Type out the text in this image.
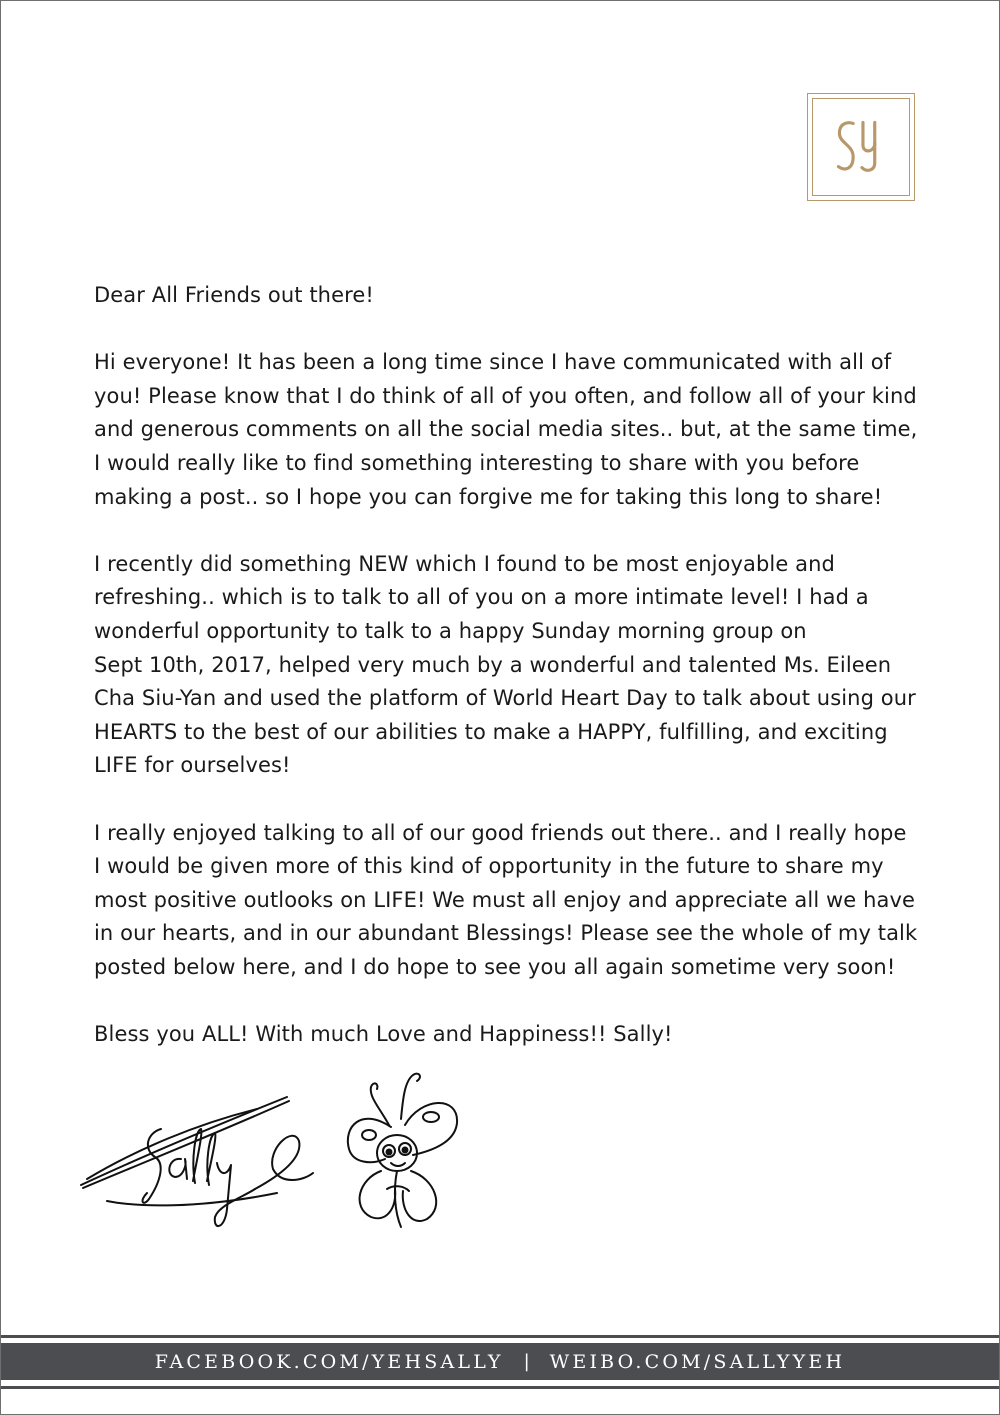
Dear All Friends out there!
Hi everyone! It has been a long time since I have communicated with all of
you! Please know that I do think of all of you often, and follow all of your kind
and generous comments on all the social media sites.. but, at the same time,
I would really like to find something interesting to share with you before
making a post.. so I hope you can forgive me for taking this long to share!
I recently did something NEW which I found to be most enjoyable and
refreshing.. which is to talk to all of you on a more intimate level! I had a
wonderful opportunity to talk to a happy Sunday morning group on
Sept 10th, 2017, helped very much by a wonderful and talented Ms. Eileen
Cha Siu-Yan and used the platform of World Heart Day to talk about using our
HEARTS to the best of our abilities to make a HAPPY, fulfilling, and exciting
LIFE for ourselves!
I really enjoyed talking to all of our good friends out there.. and I really hope
I would be given more of this kind of opportunity in the future to share my
most positive outlooks on LIFE! We must all enjoy and appreciate all we have
in our hearts, and in our abundant Blessings! Please see the whole of my talk
posted below here, and I do hope to see you all again sometime very soon!
Bless you ALL! With much Love and Happiness!! Sally!
FACEBOOK.COM/YEHSALLY | WEIBO.COM/SALLYYEH
